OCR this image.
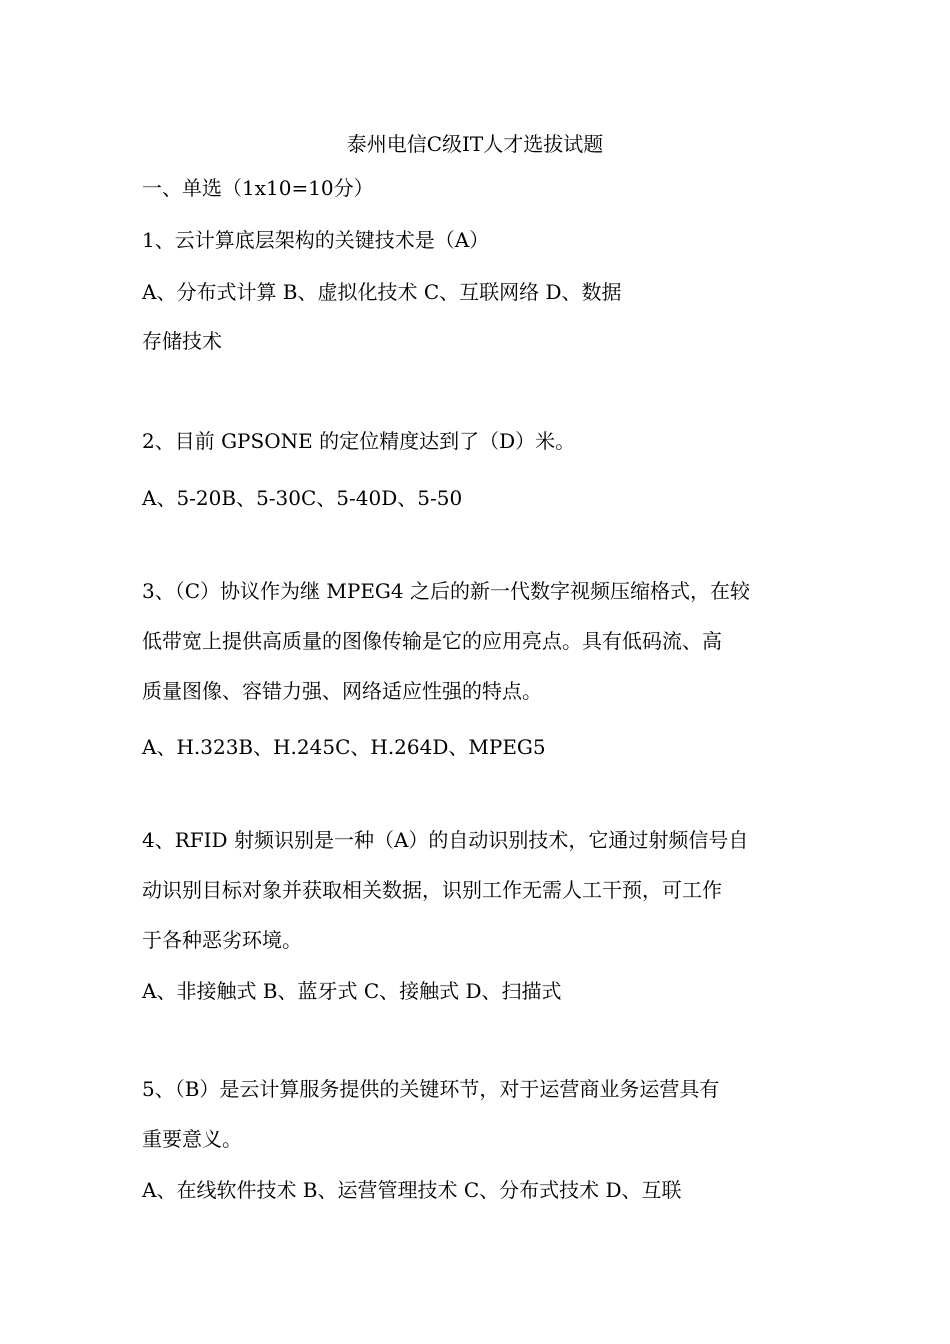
泰州电信C级IT人才选拔试题
一、单选（1x10=10分）
1、云计算底层架构的关键技术是（A）
A、分布式计算 B、虚拟化技术 C、互联网络 D、数据
存储技术
2、目前 GPSONE 的定位精度达到了（D）米。
A、5-20B、5-30C、5-40D、5-50
3、（C）协议作为继 MPEG4 之后的新一代数字视频压缩格式，在较
低带宽上提供高质量的图像传输是它的应用亮点。具有低码流、高
质量图像、容错力强、网络适应性强的特点。
A、H.323B、H.245C、H.264D、MPEG5
4、RFID 射频识别是一种（A）的自动识别技术，它通过射频信号自
动识别目标对象并获取相关数据，识别工作无需人工干预，可工作
于各种恶劣环境。
A、非接触式 B、蓝牙式 C、接触式 D、扫描式
5、（B）是云计算服务提供的关键环节，对于运营商业务运营具有
重要意义。
A、在线软件技术 B、运营管理技术 C、分布式技术 D、互联
